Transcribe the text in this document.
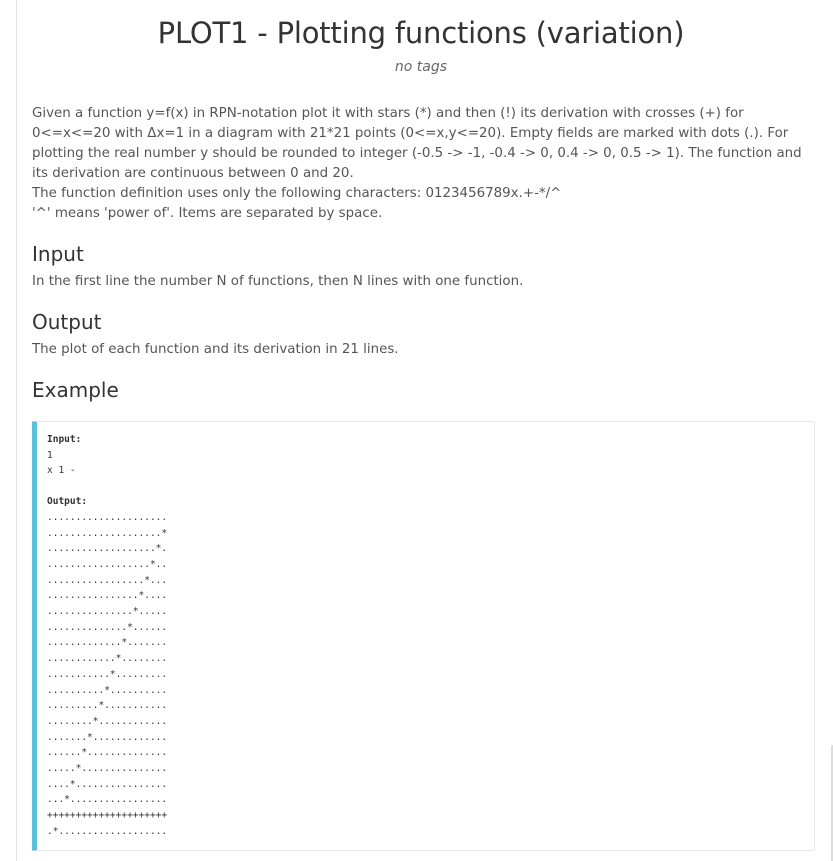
PLOT1 - Plotting functions (variation)
no tags

Given a function y=f(x) in RPN-notation plot it with stars (*) and then (!) its derivation with crosses (+) for 0<=x<=20 with Δx=1 in a diagram with 21*21 points (0<=x,y<=20). Empty fields are marked with dots (.). For plotting the real number y should be rounded to integer (-0.5 -> -1, -0.4 -> 0, 0.4 -> 0, 0.5 -> 1). The function and its derivation are continuous between 0 and 20.

The function definition uses only the following characters: 0123456789x.+-*/^

'^' means 'power of'. Items are separated by space.

Input
In the first line the number N of functions, then N lines with one function.
Output
The plot of each function and its derivation in 21 lines.
Example
Input:
1
x 1 -
Output:
.....................
....................*
...................*.
..................*..
.................*...
................*....
...............*.....
..............*......
.............*.......
............*........
...........*.........
..........*..........
.........*...........
........*............
.......*.............
......*..............
.....*...............
....*................
...*.................
+++++++++++++++++++++
.*...................
